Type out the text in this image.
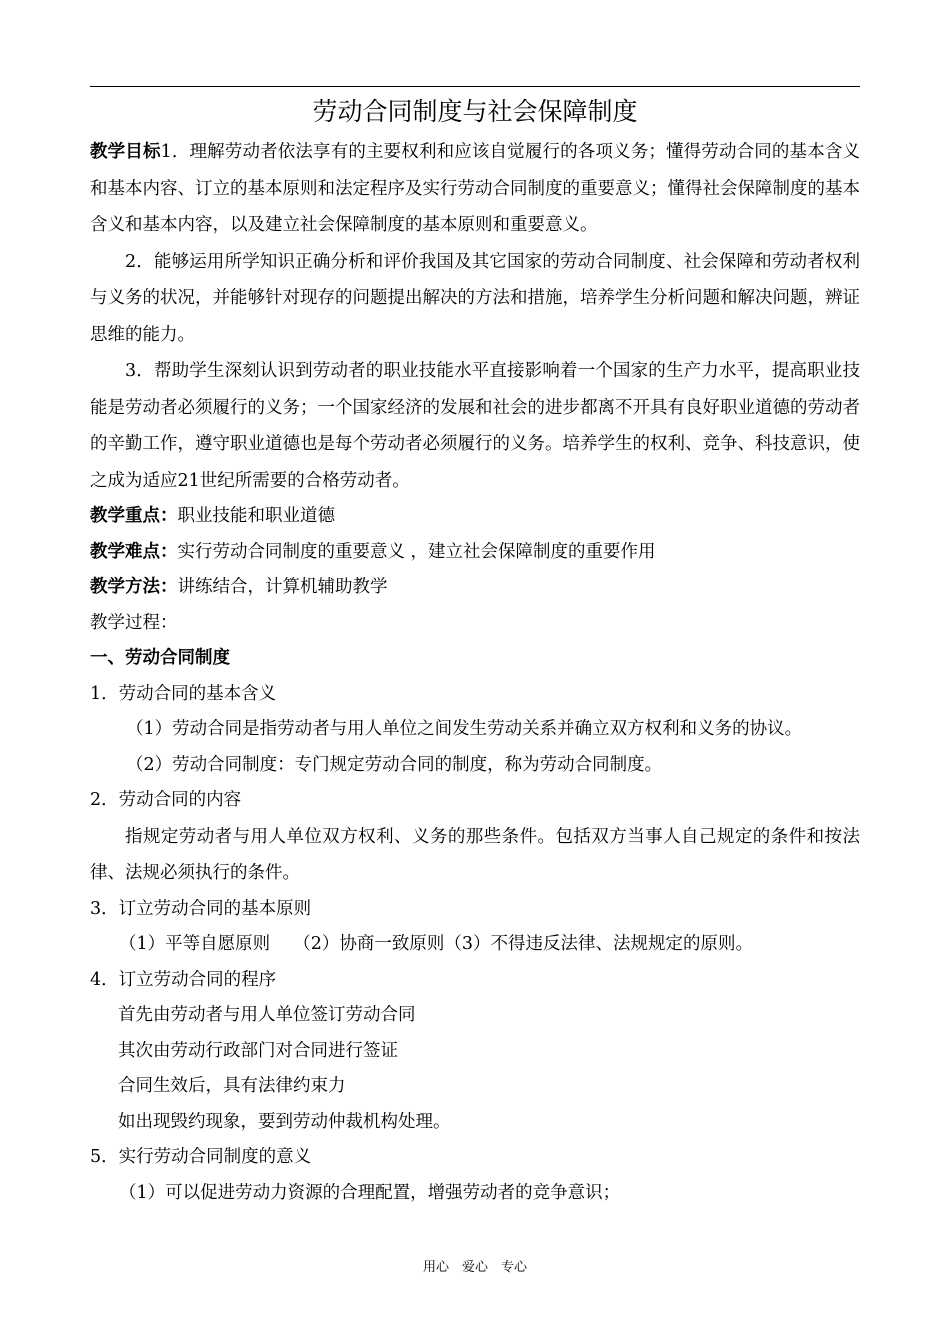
劳动合同制度与社会保障制度

教学目标1．理解劳动者依法享有的主要权利和应该自觉履行的各项义务；懂得劳动合同的基本含义和基本内容、订立的基本原则和法定程序及实行劳动合同制度的重要意义；懂得社会保障制度的基本含义和基本内容，以及建立社会保障制度的基本原则和重要意义。

2．能够运用所学知识正确分析和评价我国及其它国家的劳动合同制度、社会保障和劳动者权利与义务的状况，并能够针对现存的问题提出解决的方法和措施，培养学生分析问题和解决问题，辨证思维的能力。

3．帮助学生深刻认识到劳动者的职业技能水平直接影响着一个国家的生产力水平，提高职业技能是劳动者必须履行的义务；一个国家经济的发展和社会的进步都离不开具有良好职业道德的劳动者的辛勤工作，遵守职业道德也是每个劳动者必须履行的义务。培养学生的权利、竞争、科技意识，使之成为适应21世纪所需要的合格劳动者。

教学重点：职业技能和职业道德

教学难点：实行劳动合同制度的重要意义 ，建立社会保障制度的重要作用

教学方法：讲练结合，计算机辅助教学

教学过程：

一、劳动合同制度

1．劳动合同的基本含义

（1）劳动合同是指劳动者与用人单位之间发生劳动关系并确立双方权利和义务的协议。

（2）劳动合同制度：专门规定劳动合同的制度，称为劳动合同制度。

2．劳动合同的内容

指规定劳动者与用人单位双方权利、义务的那些条件。包括双方当事人自己规定的条件和按法律、法规必须执行的条件。

3．订立劳动合同的基本原则

（1）平等自愿原则　 （2）协商一致原则（3）不得违反法律、法规规定的原则。

4．订立劳动合同的程序

首先由劳动者与用人单位签订劳动合同

其次由劳动行政部门对合同进行签证

合同生效后，具有法律约束力

如出现毁约现象，要到劳动仲裁机构处理。

5．实行劳动合同制度的意义

（1）可以促进劳动力资源的合理配置，增强劳动者的竞争意识；

用心　爱心　专心
